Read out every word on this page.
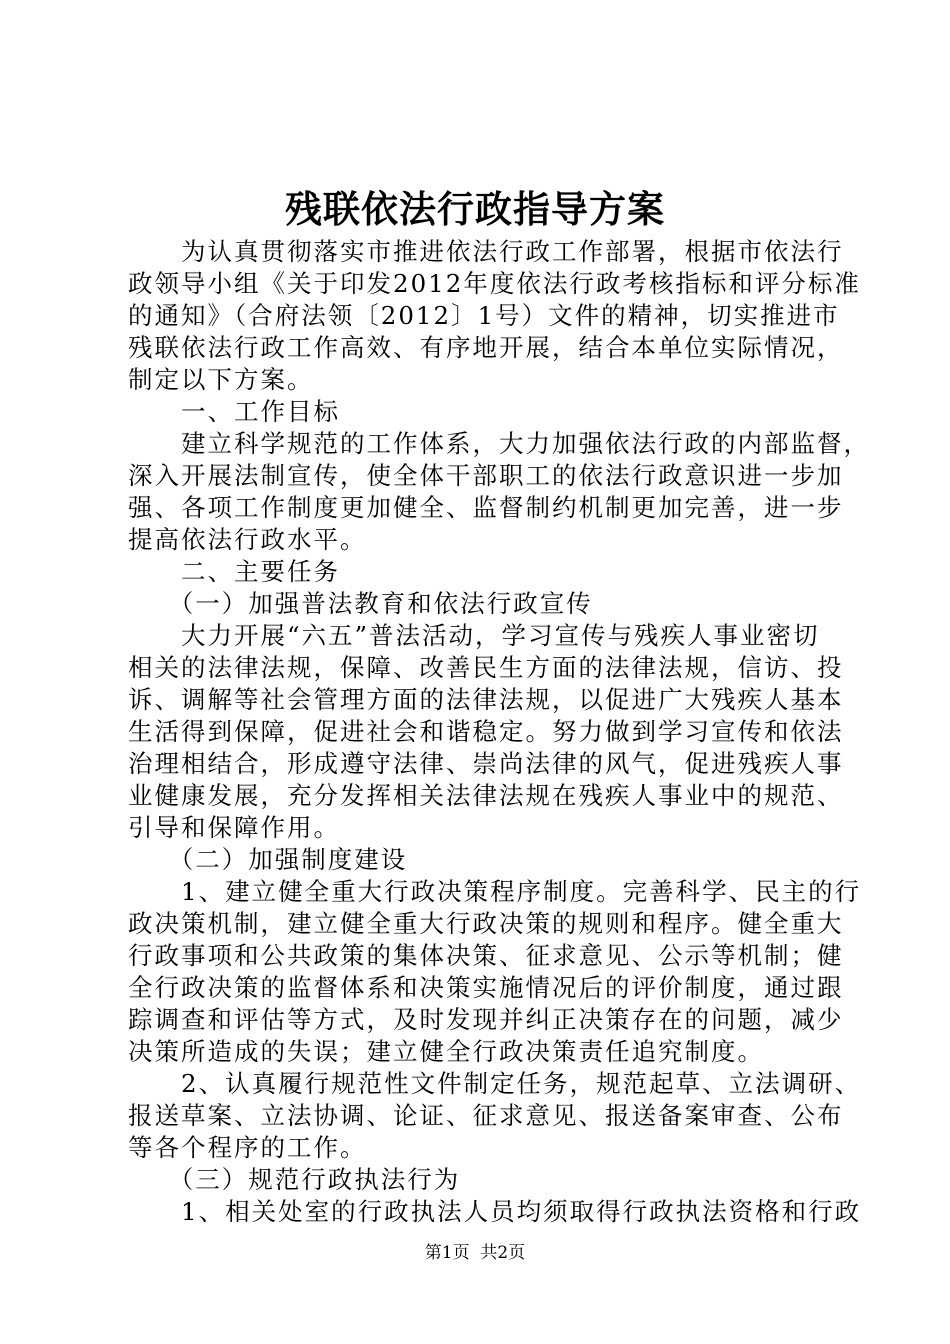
残联依法行政指导方案
　　为认真贯彻落实市推进依法行政工作部署，根据市依法行
政领导小组《关于印发2012年度依法行政考核指标和评分标准
的通知》（合府法领〔2012〕1号）文件的精神，切实推进市
残联依法行政工作高效、有序地开展，结合本单位实际情况，
制定以下方案。
　　一、工作目标
　　建立科学规范的工作体系，大力加强依法行政的内部监督，
深入开展法制宣传，使全体干部职工的依法行政意识进一步加
强、各项工作制度更加健全、监督制约机制更加完善，进一步
提高依法行政水平。
　　二、主要任务
　　（一）加强普法教育和依法行政宣传
　　大力开展“六五”普法活动，学习宣传与残疾人事业密切
相关的法律法规，保障、改善民生方面的法律法规，信访、投
诉、调解等社会管理方面的法律法规，以促进广大残疾人基本
生活得到保障，促进社会和谐稳定。努力做到学习宣传和依法
治理相结合，形成遵守法律、崇尚法律的风气，促进残疾人事
业健康发展，充分发挥相关法律法规在残疾人事业中的规范、
引导和保障作用。
　　（二）加强制度建设
　　1、建立健全重大行政决策程序制度。完善科学、民主的行
政决策机制，建立健全重大行政决策的规则和程序。健全重大
行政事项和公共政策的集体决策、征求意见、公示等机制；健
全行政决策的监督体系和决策实施情况后的评价制度，通过跟
踪调查和评估等方式，及时发现并纠正决策存在的问题，减少
决策所造成的失误；建立健全行政决策责任追究制度。
　　2、认真履行规范性文件制定任务，规范起草、立法调研、
报送草案、立法协调、论证、征求意见、报送备案审查、公布
等各个程序的工作。
　　（三）规范行政执法行为
　　1、相关处室的行政执法人员均须取得行政执法资格和行政
第1页  共2页
